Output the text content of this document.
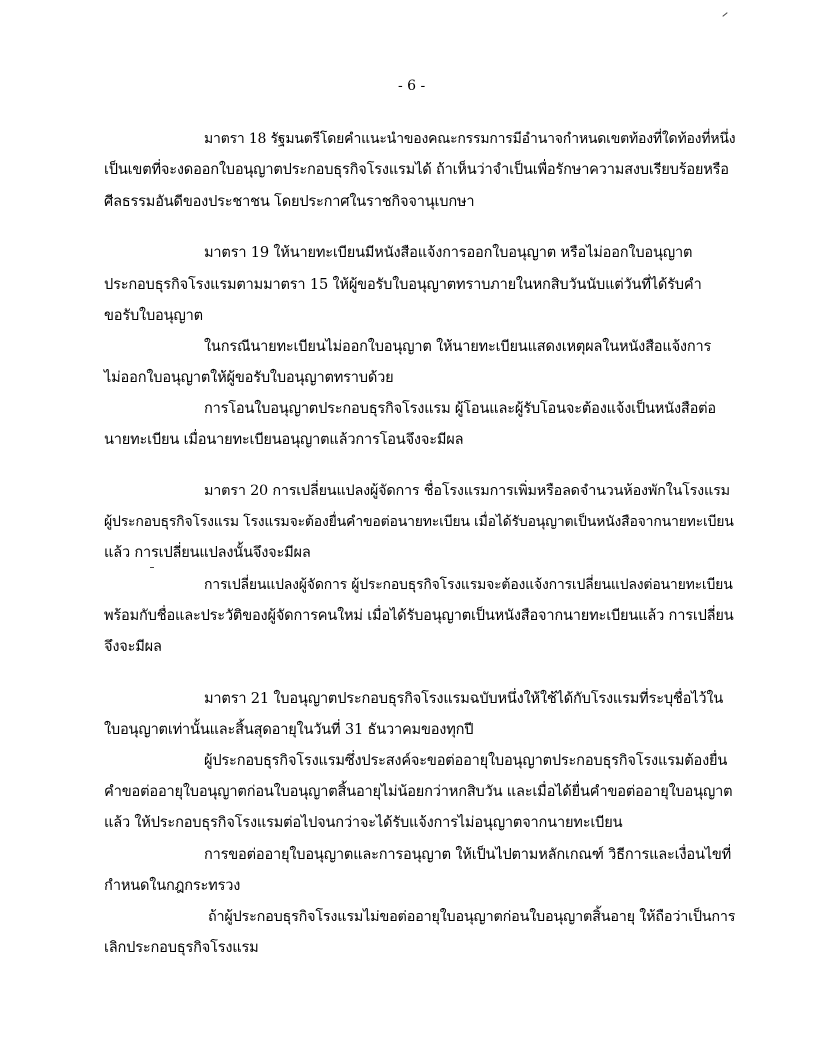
- 6 -
มาตรา 18 รัฐมนตรีโดยคำแนะนำของคณะกรรมการมีอำนาจกำหนดเขตท้องที่ใดท้องที่หนึ่ง
เป็นเขตที่จะงดออกใบอนุญาตประกอบธุรกิจโรงแรมได้ ถ้าเห็นว่าจำเป็นเพื่อรักษาความสงบเรียบร้อยหรือ
ศีลธรรมอันดีของประชาชน โดยประกาศในราชกิจจานุเบกษา
มาตรา 19 ให้นายทะเบียนมีหนังสือแจ้งการออกใบอนุญาต หรือไม่ออกใบอนุญาต
ประกอบธุรกิจโรงแรมตามมาตรา 15 ให้ผู้ขอรับใบอนุญาตทราบภายในหกสิบวันนับแต่วันที่ได้รับคำ
ขอรับใบอนุญาต
ในกรณีนายทะเบียนไม่ออกใบอนุญาต ให้นายทะเบียนแสดงเหตุผลในหนังสือแจ้งการ
ไม่ออกใบอนุญาตให้ผู้ขอรับใบอนุญาตทราบด้วย
การโอนใบอนุญาตประกอบธุรกิจโรงแรม ผู้โอนและผู้รับโอนจะต้องแจ้งเป็นหนังสือต่อ
นายทะเบียน เมื่อนายทะเบียนอนุญาตแล้วการโอนจึงจะมีผล
มาตรา 20 การเปลี่ยนแปลงผู้จัดการ ชื่อโรงแรมการเพิ่มหรือลดจำนวนห้องพักในโรงแรม
ผู้ประกอบธุรกิจโรงแรม โรงแรมจะต้องยื่นคำขอต่อนายทะเบียน เมื่อได้รับอนุญาตเป็นหนังสือจากนายทะเบียน
แล้ว การเปลี่ยนแปลงนั้นจึงจะมีผล
การเปลี่ยนแปลงผู้จัดการ ผู้ประกอบธุรกิจโรงแรมจะต้องแจ้งการเปลี่ยนแปลงต่อนายทะเบียน
พร้อมกับชื่อและประวัติของผู้จัดการคนใหม่ เมื่อได้รับอนุญาตเป็นหนังสือจากนายทะเบียนแล้ว การเปลี่ยน
จึงจะมีผล
มาตรา 21 ใบอนุญาตประกอบธุรกิจโรงแรมฉบับหนึ่งให้ใช้ได้กับโรงแรมที่ระบุชื่อไว้ใน
ใบอนุญาตเท่านั้นและสิ้นสุดอายุในวันที่ 31 ธันวาคมของทุกปี
ผู้ประกอบธุรกิจโรงแรมซึ่งประสงค์จะขอต่ออายุใบอนุญาตประกอบธุรกิจโรงแรมต้องยื่น
คำขอต่ออายุใบอนุญาตก่อนใบอนุญาตสิ้นอายุไม่น้อยกว่าหกสิบวัน และเมื่อได้ยื่นคำขอต่ออายุใบอนุญาต
แล้ว ให้ประกอบธุรกิจโรงแรมต่อไปจนกว่าจะได้รับแจ้งการไม่อนุญาตจากนายทะเบียน
การขอต่ออายุใบอนุญาตและการอนุญาต ให้เป็นไปตามหลักเกณฑ์ วิธีการและเงื่อนไขที่
กำหนดในกฎกระทรวง
ถ้าผู้ประกอบธุรกิจโรงแรมไม่ขอต่ออายุใบอนุญาตก่อนใบอนุญาตสิ้นอายุ ให้ถือว่าเป็นการ
เลิกประกอบธุรกิจโรงแรม
